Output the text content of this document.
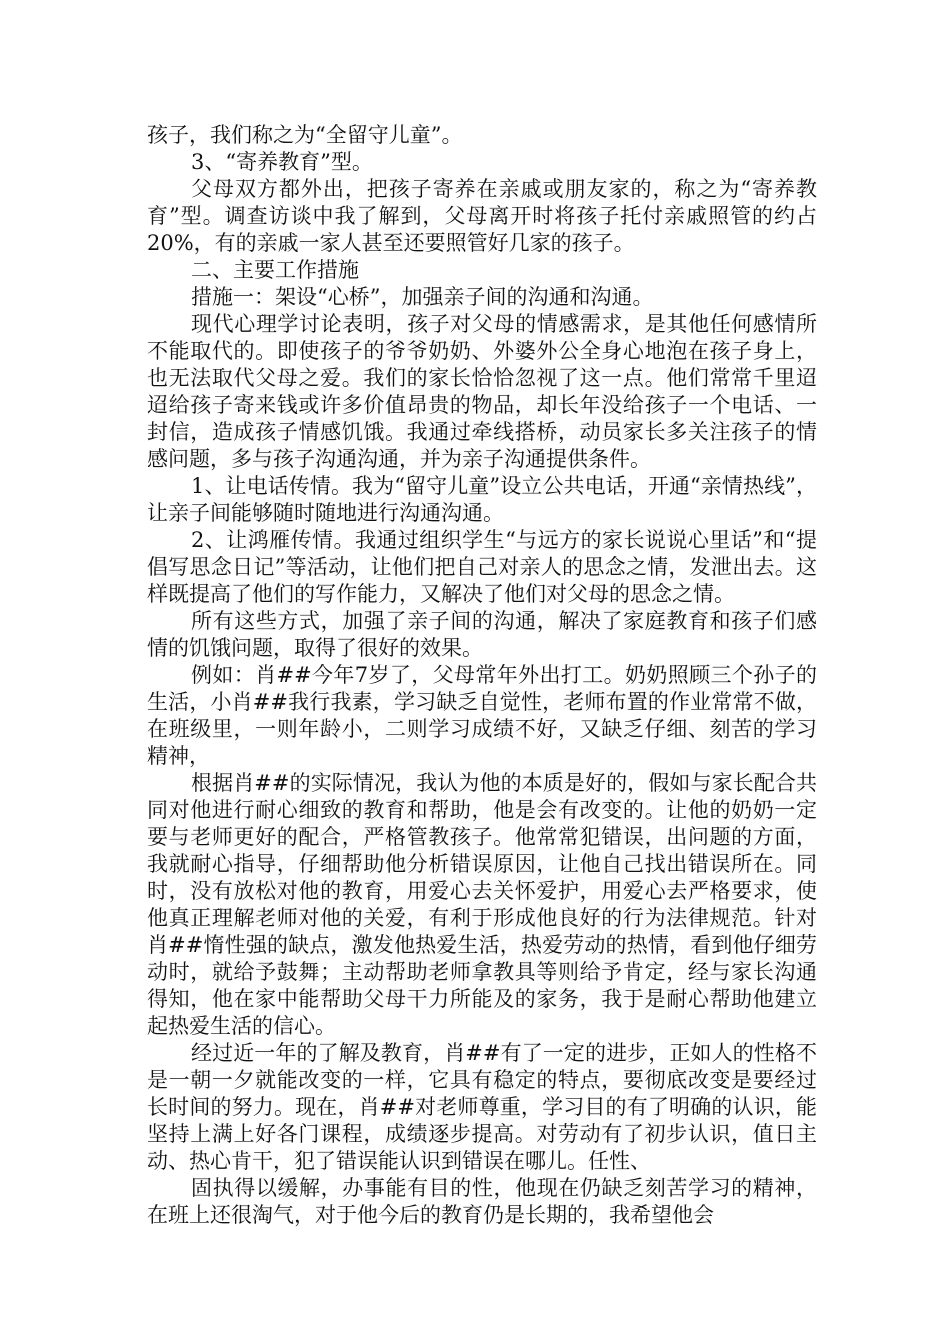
孩子，我们称之为“全留守儿童”。

3、“寄养教育”型。

父母双方都外出，把孩子寄养在亲戚或朋友家的，称之为“寄养教育”型。调查访谈中我了解到，父母离开时将孩子托付亲戚照管的约占20%，有的亲戚一家人甚至还要照管好几家的孩子。

二、主要工作措施

措施一：架设“心桥”，加强亲子间的沟通和沟通。

现代心理学讨论表明，孩子对父母的情感需求，是其他任何感情所不能取代的。即使孩子的爷爷奶奶、外婆外公全身心地泡在孩子身上，也无法取代父母之爱。我们的家长恰恰忽视了这一点。他们常常千里迢迢给孩子寄来钱或许多价值昂贵的物品，却长年没给孩子一个电话、一封信，造成孩子情感饥饿。我通过牵线搭桥，动员家长多关注孩子的情感问题，多与孩子沟通沟通，并为亲子沟通提供条件。

1、让电话传情。我为“留守儿童”设立公共电话，开通“亲情热线”，让亲子间能够随时随地进行沟通沟通。

2、让鸿雁传情。我通过组织学生“与远方的家长说说心里话”和“提倡写思念日记”等活动，让他们把自己对亲人的思念之情，发泄出去。这样既提高了他们的写作能力，又解决了他们对父母的思念之情。

所有这些方式，加强了亲子间的沟通，解决了家庭教育和孩子们感情的饥饿问题，取得了很好的效果。

例如：肖##今年7岁了，父母常年外出打工。奶奶照顾三个孙子的生活，小肖##我行我素，学习缺乏自觉性，老师布置的作业常常不做，在班级里，一则年龄小，二则学习成绩不好，又缺乏仔细、刻苦的学习精神，

根据肖##的实际情况，我认为他的本质是好的，假如与家长配合共同对他进行耐心细致的教育和帮助，他是会有改变的。让他的奶奶一定要与老师更好的配合，严格管教孩子。他常常犯错误，出问题的方面，我就耐心指导，仔细帮助他分析错误原因，让他自己找出错误所在。同时，没有放松对他的教育，用爱心去关怀爱护，用爱心去严格要求，使他真正理解老师对他的关爱，有利于形成他良好的行为法律规范。针对肖##惰性强的缺点，激发他热爱生活，热爱劳动的热情，看到他仔细劳动时，就给予鼓舞；主动帮助老师拿教具等则给予肯定，经与家长沟通得知，他在家中能帮助父母干力所能及的家务，我于是耐心帮助他建立起热爱生活的信心。

经过近一年的了解及教育，肖##有了一定的进步，正如人的性格不是一朝一夕就能改变的一样，它具有稳定的特点，要彻底改变是要经过长时间的努力。现在，肖##对老师尊重，学习目的有了明确的认识，能坚持上满上好各门课程，成绩逐步提高。对劳动有了初步认识，值日主动、热心肯干，犯了错误能认识到错误在哪儿。任性、

固执得以缓解，办事能有目的性，他现在仍缺乏刻苦学习的精神，在班上还很淘气，对于他今后的教育仍是长期的，我希望他会
